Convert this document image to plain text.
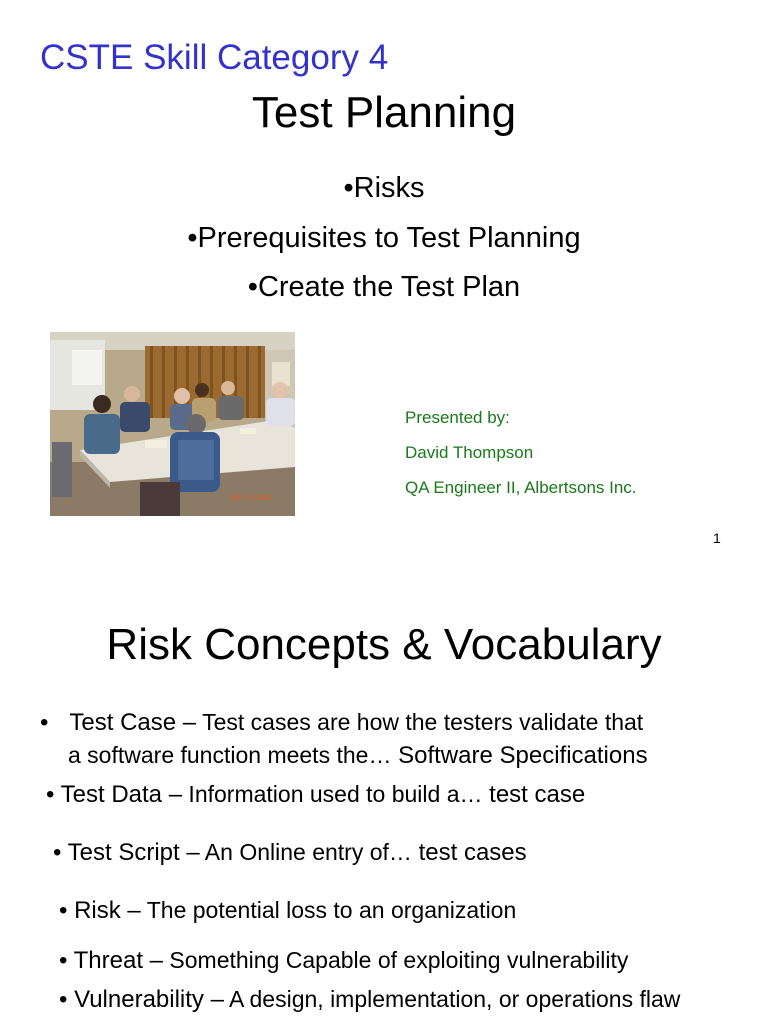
CSTE Skill Category 4
Test Planning
•Risks
•Prerequisites to Test Planning
•Create the Test Plan
NOV 15 2005
Presented by:
David Thompson
QA Engineer II, Albertsons Inc.
1
Risk Concepts & Vocabulary
• Test Case – Test cases are how the testers validate that
a software function meets the… Software Specifications
• Test Data – Information used to build a… test case
• Test Script – An Online entry of… test cases
• Risk – The potential loss to an organization
• Threat – Something Capable of exploiting vulnerability
• Vulnerability – A design, implementation, or operations flaw
